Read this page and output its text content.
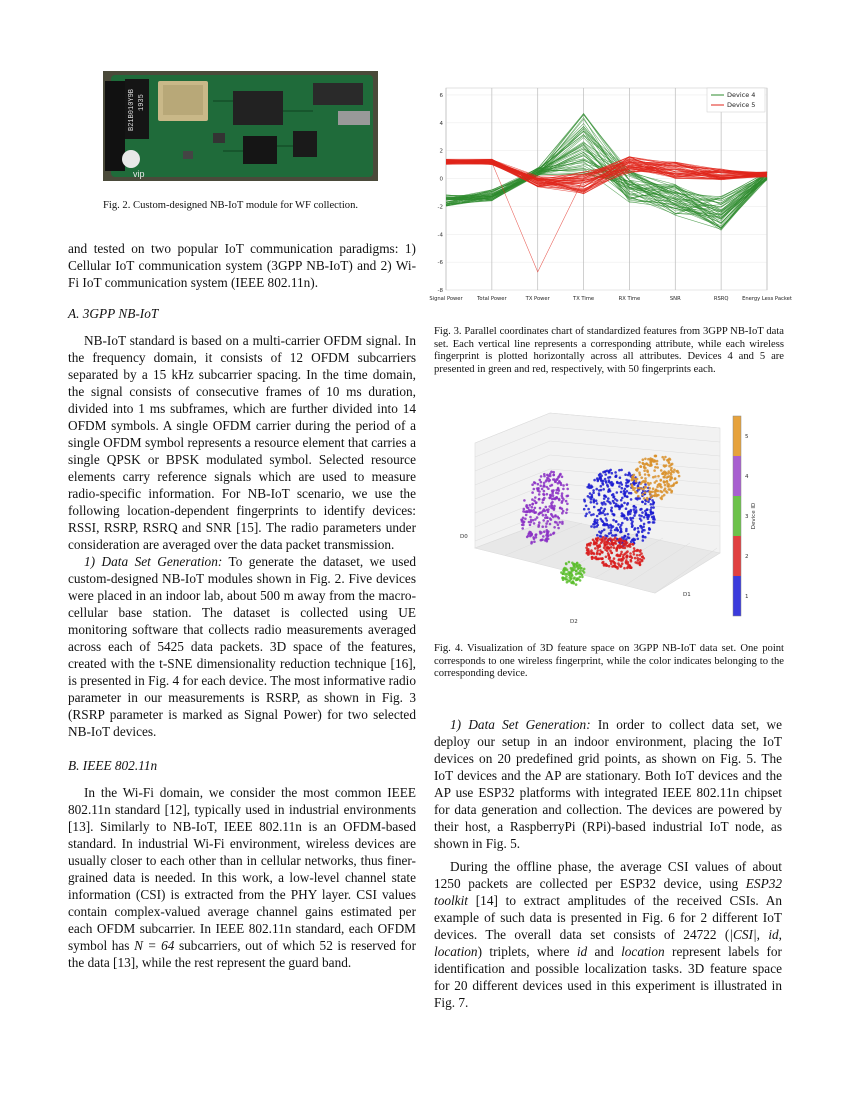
B21B010Y9B 1935
vip
Fig. 2. Custom-designed NB-IoT module for WF collection.

and tested on two popular IoT communication paradigms: 1) Cellular IoT communication system (3GPP NB-IoT) and 2) Wi-Fi IoT communication system (IEEE 802.11n).

A. 3GPP NB-IoT

NB-IoT standard is based on a multi-carrier OFDM signal. In the frequency domain, it consists of 12 OFDM subcarriers separated by a 15 kHz subcarrier spacing. In the time domain, the signal consists of consecutive frames of 10 ms duration, divided into 1 ms subframes, which are further divided into 14 OFDM symbols. A single OFDM carrier during the period of a single OFDM symbol represents a resource element that carries a single QPSK or BPSK modulated symbol. Selected resource elements carry reference signals which are used to measure radio-specific information. For NB-IoT scenario, we use the following location-dependent fingerprints to identify devices: RSSI, RSRP, RSRQ and SNR [15]. The radio parameters under consideration are averaged over the data packet transmission.

1) Data Set Generation: To generate the dataset, we used custom-designed NB-IoT modules shown in Fig. 2. Five devices were placed in an indoor lab, about 500 m away from the macro-cellular base station. The dataset is collected using UE monitoring software that collects radio measurements averaged across each of 5425 data packets. 3D space of the features, created with the t-SNE dimensionality reduction technique [16], is presented in Fig. 4 for each device. The most informative radio parameter in our measurements is RSRP, as shown in Fig. 3 (RSRP parameter is marked as Signal Power) for two selected NB-IoT devices.

B. IEEE 802.11n

In the Wi-Fi domain, we consider the most common IEEE 802.11n standard [12], typically used in industrial environments [13]. Similarly to NB-IoT, IEEE 802.11n is an OFDM-based standard. In industrial Wi-Fi environment, wireless devices are usually closer to each other than in cellular networks, thus finer-grained data is needed. In this work, a low-level channel state information (CSI) is extracted from the PHY layer. CSI values contain complex-valued average channel gains estimated per each OFDM subcarrier. In IEEE 802.11n standard, each OFDM symbol has N = 64 subcarriers, out of which 52 is reserved for the data [13], while the rest represent the guard band.

-8
-6
-4
-2
0
2
4
6
Signal Power	Total Power	TX Power	TX Time	RX Time	SNR	RSRQ	Energy Less Packet
Device 4
Device 5
Fig. 3. Parallel coordinates chart of standardized features from 3GPP NB-IoT data set. Each vertical line represents a corresponding attribute, while each wireless fingerprint is plotted horizontally across all attributes. Devices 4 and 5 are presented in green and red, respectively, with 50 fingerprints each.
D0
D1
D2
1
2
3
4
5
Device ID
Fig. 4. Visualization of 3D feature space on 3GPP NB-IoT data set. One point corresponds to one wireless fingerprint, while the color indicates belonging to the corresponding device.

1) Data Set Generation: In order to collect data set, we deploy our setup in an indoor environment, placing the IoT devices on 20 predefined grid points, as shown on Fig. 5. The IoT devices and the AP are stationary. Both IoT devices and the AP use ESP32 platforms with integrated IEEE 802.11n chipset for data generation and collection. The devices are powered by their host, a RaspberryPi (RPi)-based industrial IoT node, as shown in Fig. 5.

During the offline phase, the average CSI values of about 1250 packets are collected per ESP32 device, using ESP32 toolkit [14] to extract amplitudes of the received CSIs. An example of such data is presented in Fig. 6 for 2 different IoT devices. The overall data set consists of 24722 (|CSI|, id, location) triplets, where id and location represent labels for identification and possible localization tasks. 3D feature space for 20 different devices used in this experiment is illustrated in Fig. 7.
